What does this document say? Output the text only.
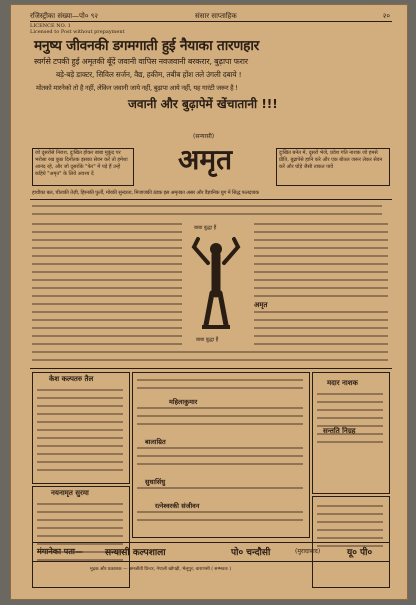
रजिस्ट्रीका संख्या—पो० ९२	संसार साप्ताहिक	२०
LICENCE NO. 1
Licensed to Post without prepayment
मनुष्य जीवनकी डगमगाती हुई नैयाका तारणहार
स्वर्गसे टपकी हुई अमृतकी बूँदें जवानी वापिस नवजवानी बरकरार, बुढ़ापा फरार
बड़े-बड़े डाक्टर, सिविल सर्जन, वैद्य, हकीम, तबीब होंश तले उंगली दबाये !
मोतको मारनेको तो है नहीं, लेकिन जवानी जाये नहीं, बुढ़ापा आये नहीं, यह गारंटी जरूर है !
जवानी और बुढ़ापेमें खेंचातानी !!!
जो दूसरोंसे निराश, दुःखित होकर बाबा मुकुंद पर भरोसा रख कुछ दिनोंतक इसका सेवन करें तो हमेशा आनंद रहे, और जो दूसरोंके "फेर" में पड़े हैं उन्हें कहिये "अमृत" के लिये अवश्य दें
दुःखित बनेत में, दूसरों भेजें, प्रवेश गति नाशक जो हमसे प्रीति, बुढ़ापेसे हानि करे और एक बोतल जरूर लेकर सेवन करें और घोड़े जैसी ताकत पावें
(सन्यासी)
अमृत
हाथीका बल, चीताकी तेज़ी, हिरनकी फुर्ती, मोरकी सुन्दरता, मिजाजकी ठंडक इस अमृतका असर और वैज्ञानिक युग में सिद्ध फलदायक
बाबा बुद्धा हैं
बाबा बुद्धा हैं
अमृत
केश कल्पतरु तैल
नयनामृत सुरमा
महिलाकुमार
बालाम्रित
सुधासिंधु
रत्नेश्वरकी संजीवन
मदार नाशक
सन्तति निग्रह
मंगानेका पता— सन्यासी कल्पशाला	पो० चन्दौसी	(मुरादाबाद)	यू० पी०
मुद्रक और प्रकाशक — श्रमजीवी प्रिन्टर, नेपाली खोपड़ी, भेलूपुर, वाराणसी ( सम्भवतः )
